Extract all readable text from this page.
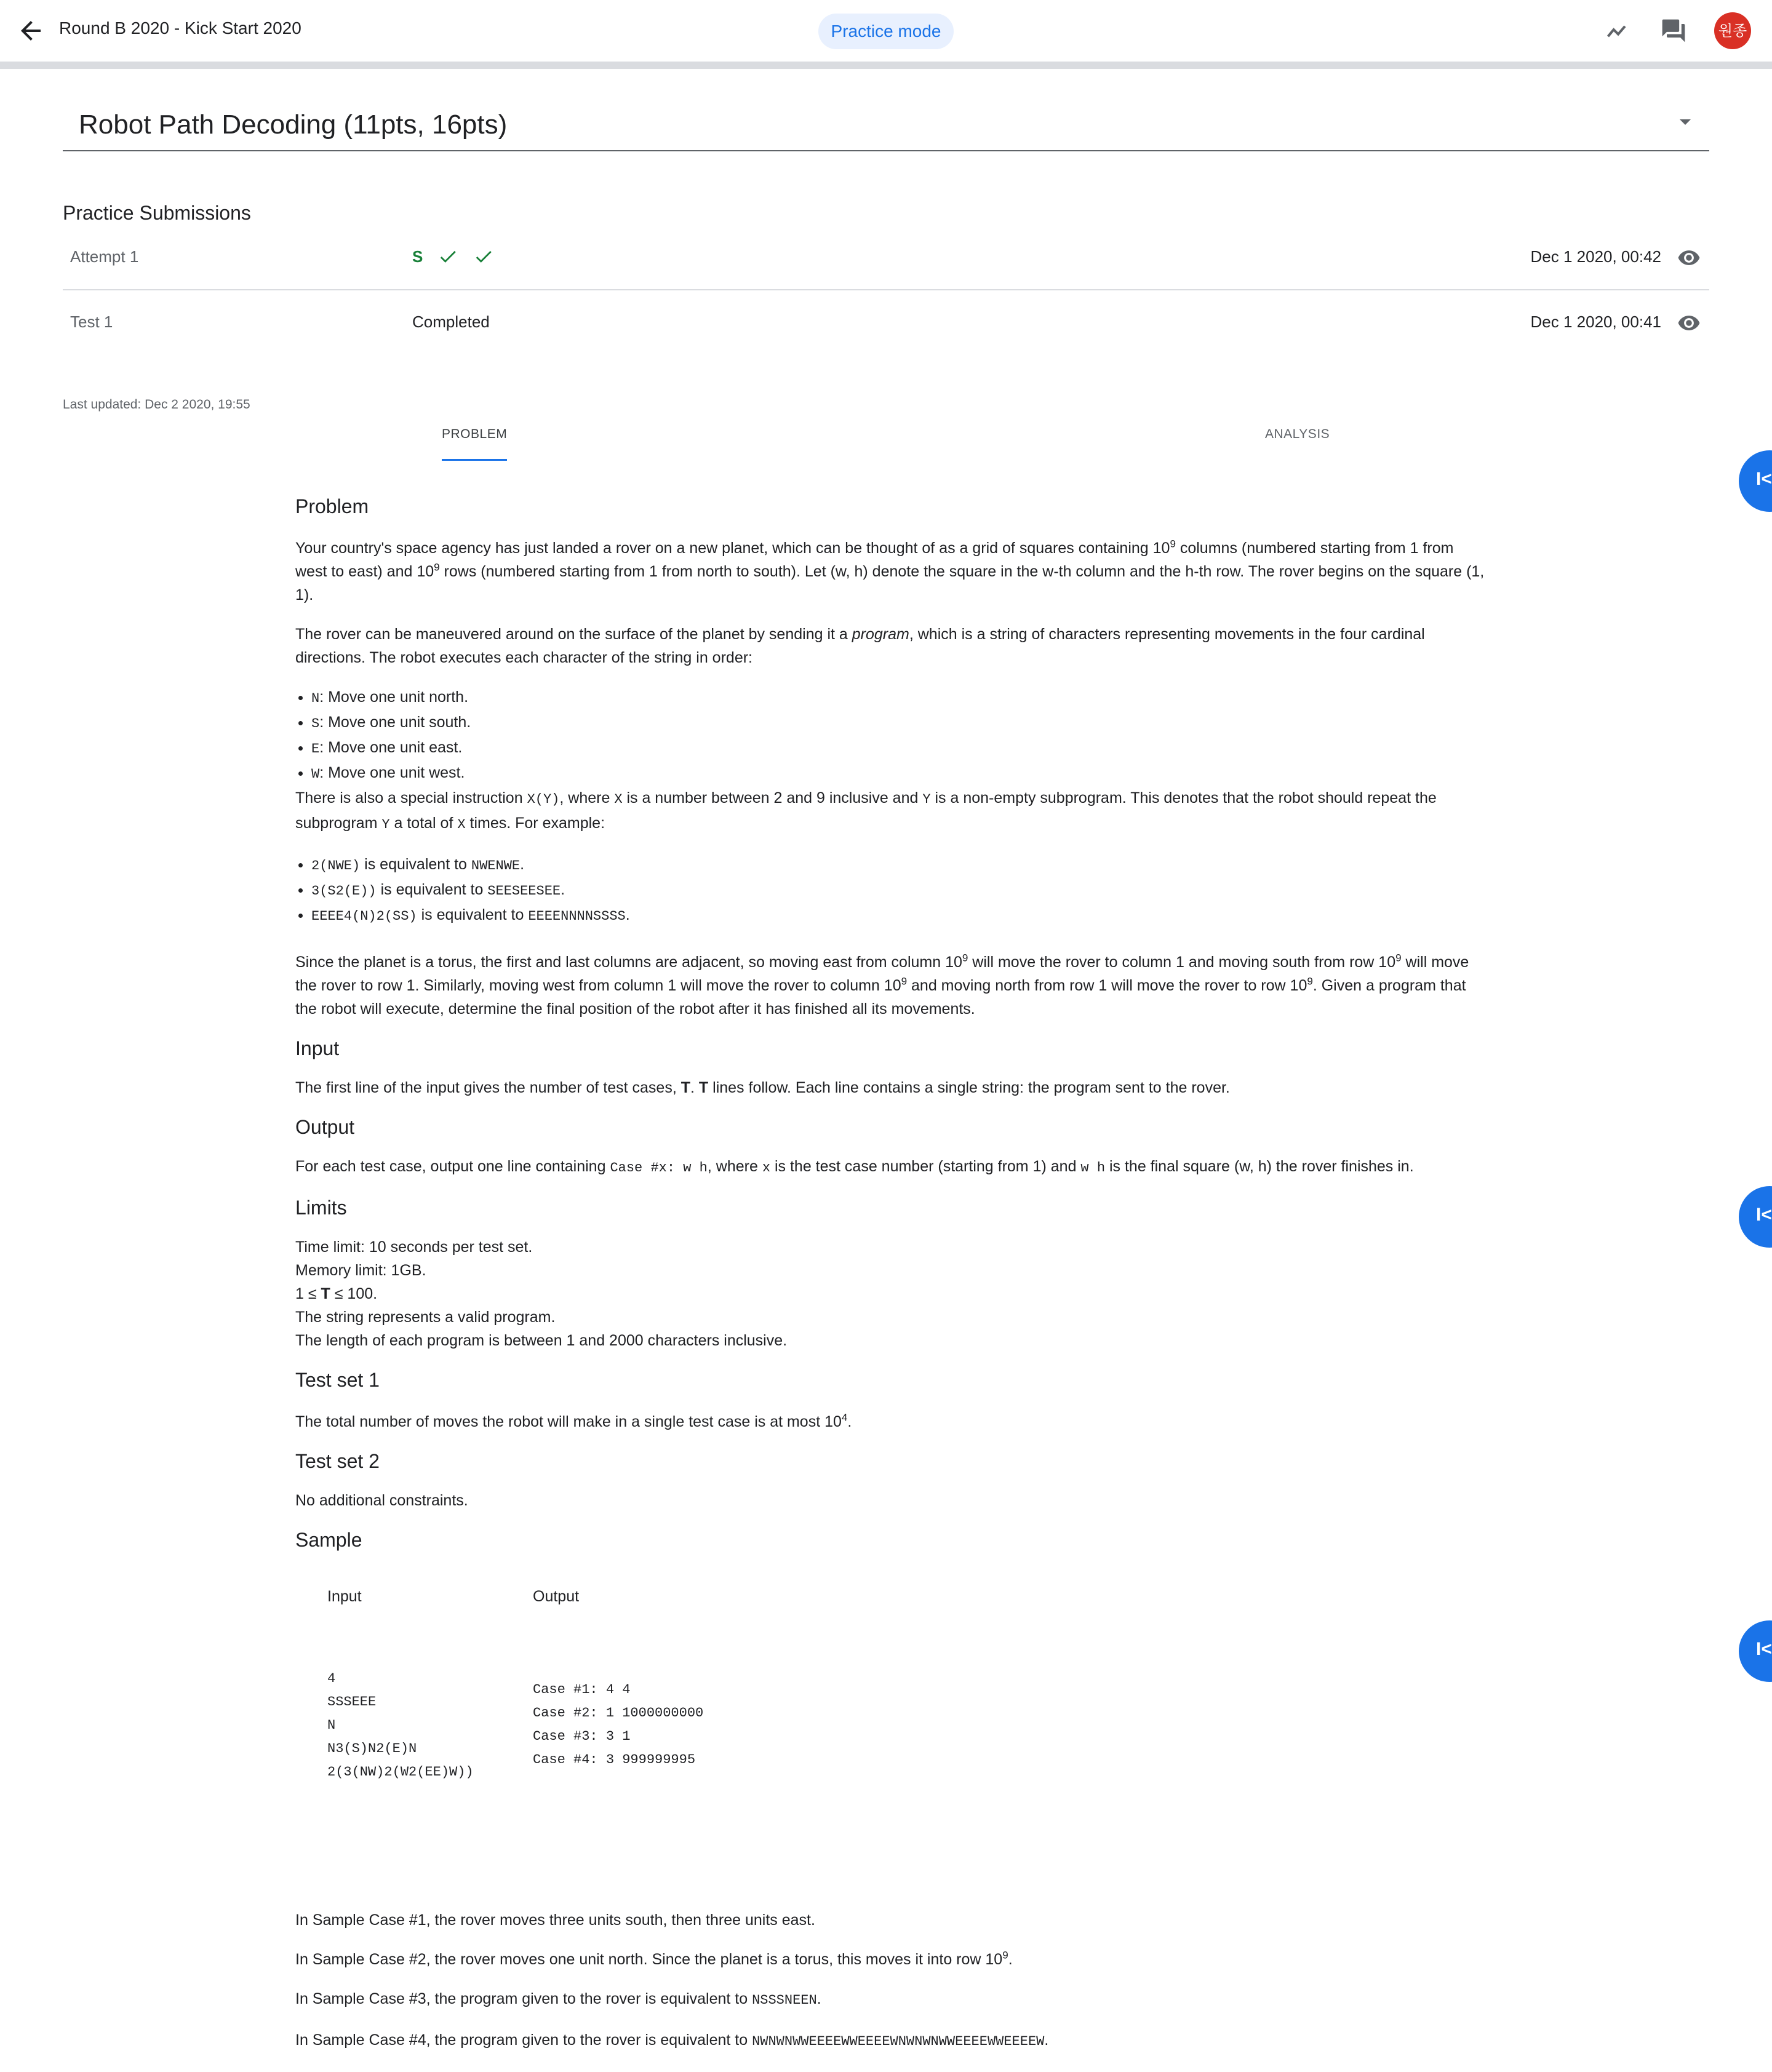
Round B 2020 - Kick Start 2020	Practice mode	원종
Robot Path Decoding (11pts, 16pts)
Practice Submissions
Attempt 1	S	Dec 1 2020, 00:42
Test 1	Completed	Dec 1 2020, 00:41
Last updated: Dec 2 2020, 19:55
PROBLEM	ANALYSIS
I<
I<
I<
Problem

Your country's space agency has just landed a rover on a new planet, which can be thought of as a grid of squares containing $10^9$ columns (numbered starting from 1 from west to east) and $10^9$ rows (numbered starting from 1 from north to south). Let (w, h) denote the square in the w-th column and the h-th row. The rover begins on the square (1, 1).

The rover can be maneuvered around on the surface of the planet by sending it a program, which is a string of characters representing movements in the four cardinal directions. The robot executes each character of the string in order:

• N: Move one unit north.
• S: Move one unit south.
• E: Move one unit east.
• W: Move one unit west.

There is also a special instruction X(Y), where X is a number between 2 and 9 inclusive and Y is a non-empty subprogram. This denotes that the robot should repeat the subprogram Y a total of X times. For example:

• 2(NWE) is equivalent to NWENWE.
• 3(S2(E)) is equivalent to SEESEESEE.
• EEEE4(N)2(SS) is equivalent to EEEENNNNSSSS.

Since the planet is a torus, the first and last columns are adjacent, so moving east from column $10^9$ will move the rover to column 1 and moving south from row $10^9$ will move the rover to row 1. Similarly, moving west from column 1 will move the rover to column $10^9$ and moving north from row 1 will move the rover to row $10^9$. Given a program that the robot will execute, determine the final position of the robot after it has finished all its movements.

Input

The first line of the input gives the number of test cases, T. T lines follow. Each line contains a single string: the program sent to the rover.

Output

For each test case, output one line containing Case #x: w h, where x is the test case number (starting from 1) and w h is the final square (w, h) the rover finishes in.

Limits
Time limit: 10 seconds per test set.
Memory limit: 1GB.
1 ≤ T ≤ 100.
The string represents a valid program.
The length of each program is between 1 and 2000 characters inclusive.
Test set 1

The total number of moves the robot will make in a single test case is at most $10^4$.

Test set 2

No additional constraints.

Sample
Input
4
SSSEEE
N
N3(S)N2(E)N
2(3(NW)2(W2(EE)W))
Output
Case #1: 4 4
Case #2: 1 1000000000
Case #3: 3 1
Case #4: 3 999999995

In Sample Case #1, the rover moves three units south, then three units east.

In Sample Case #2, the rover moves one unit north. Since the planet is a torus, this moves it into row $10^9$.

In Sample Case #3, the program given to the rover is equivalent to NSSSNEEN.

In Sample Case #4, the program given to the rover is equivalent to NWNWNWWEEEEWWEEEEWNWNWNWWEEEEWWEEEEW.
